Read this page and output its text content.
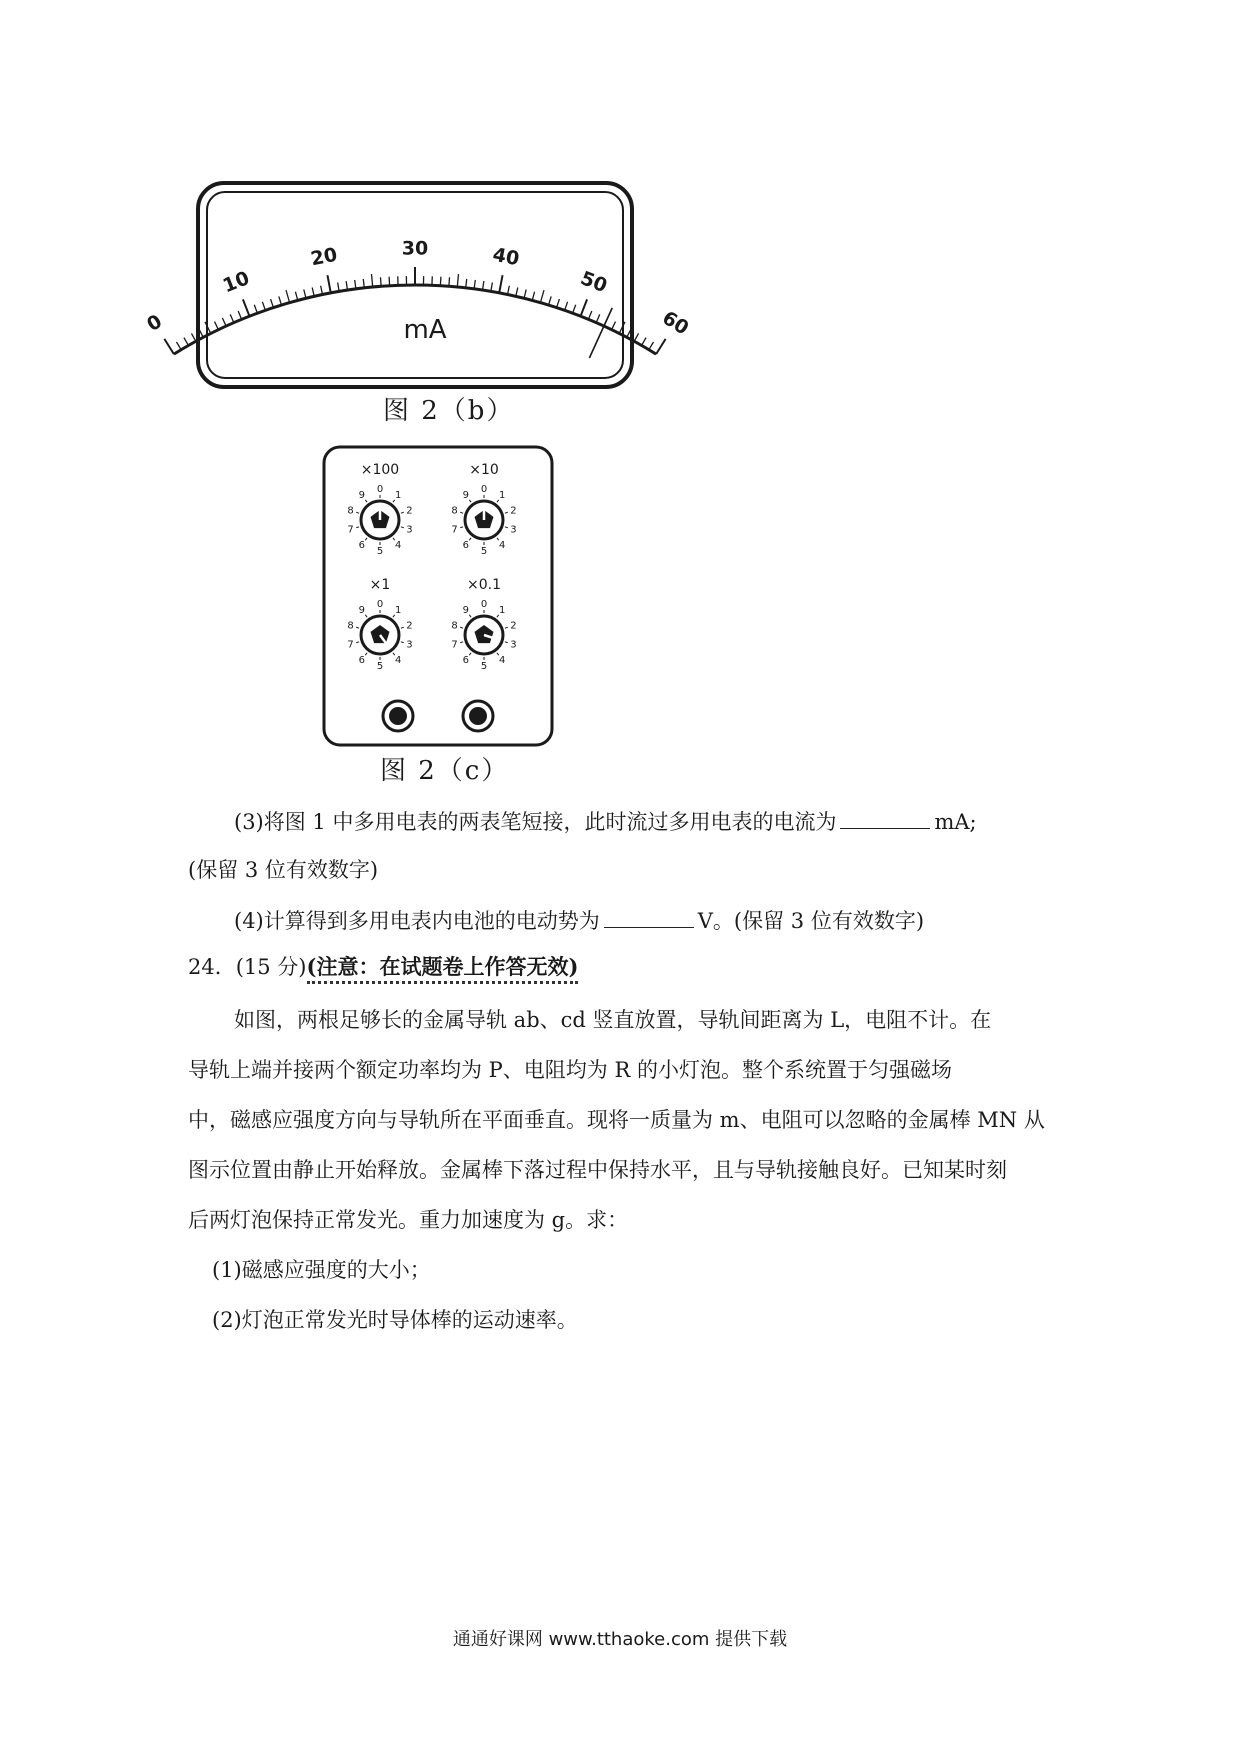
0
10
20	30	40
50
60
mA
图 2（b）
×100
0
1
2
3
4
5
6
7
8
9
×10
0
1
2
3
4
5
6
7
8
9
×1
0
1
2
3
4
5
6
7
8
9
×0.1
0
1
2
3
4
5
6
7
8
9
图 2（c）
(3)将图 1 中多用电表的两表笔短接，此时流过多用电表的电流为	mA;
(保留 3 位有效数字)
(4)计算得到多用电表内电池的电动势为	V。(保留 3 位有效数字)
24．(15 分)(注意：在试题卷上作答无效)
如图，两根足够长的金属导轨 ab、cd 竖直放置，导轨间距离为 L，电阻不计。在
导轨上端并接两个额定功率均为 P、电阻均为 R 的小灯泡。整个系统置于匀强磁场
中，磁感应强度方向与导轨所在平面垂直。现将一质量为 m、电阻可以忽略的金属棒 MN 从
图示位置由静止开始释放。金属棒下落过程中保持水平，且与导轨接触良好。已知某时刻
后两灯泡保持正常发光。重力加速度为 g。求：
(1)磁感应强度的大小；
(2)灯泡正常发光时导体棒的运动速率。
通通好课网 www.tthaoke.com 提供下载
